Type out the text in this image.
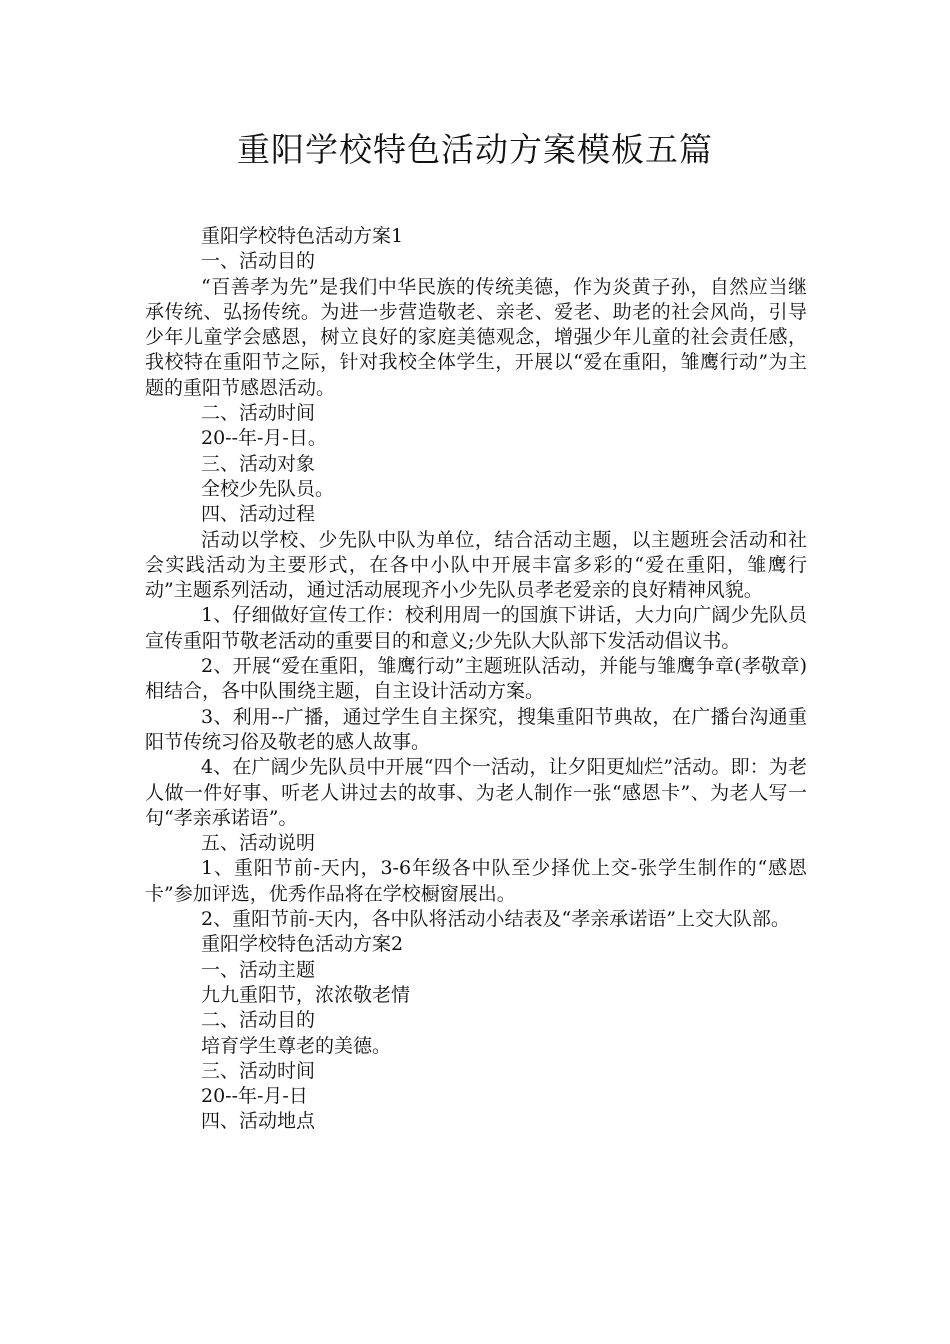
重阳学校特色活动方案模板五篇

重阳学校特色活动方案1

一、活动目的

“百善孝为先”是我们中华民族的传统美德，作为炎黄子孙，自然应当继承传统、弘扬传统。为进一步营造敬老、亲老、爱老、助老的社会风尚，引导少年儿童学会感恩，树立良好的家庭美德观念，增强少年儿童的社会责任感，我校特在重阳节之际，针对我校全体学生，开展以“爱在重阳，雏鹰行动”为主题的重阳节感恩活动。

二、活动时间

20--年-月-日。

三、活动对象

全校少先队员。

四、活动过程

活动以学校、少先队中队为单位，结合活动主题，以主题班会活动和社会实践活动为主要形式，在各中小队中开展丰富多彩的“爱在重阳，雏鹰行动”主题系列活动，通过活动展现齐小少先队员孝老爱亲的良好精神风貌。

1、仔细做好宣传工作：校利用周一的国旗下讲话，大力向广阔少先队员宣传重阳节敬老活动的重要目的和意义;少先队大队部下发活动倡议书。

2、开展“爱在重阳，雏鹰行动”主题班队活动，并能与雏鹰争章(孝敬章)相结合，各中队围绕主题，自主设计活动方案。

3、利用--广播，通过学生自主探究，搜集重阳节典故，在广播台沟通重阳节传统习俗及敬老的感人故事。

4、在广阔少先队员中开展“四个一活动，让夕阳更灿烂”活动。即：为老人做一件好事、听老人讲过去的故事、为老人制作一张“感恩卡”、为老人写一句“孝亲承诺语”。

五、活动说明

1、重阳节前-天内，3-6年级各中队至少择优上交-张学生制作的“感恩卡”参加评选，优秀作品将在学校橱窗展出。

2、重阳节前-天内，各中队将活动小结表及“孝亲承诺语”上交大队部。

重阳学校特色活动方案2

一、活动主题

九九重阳节，浓浓敬老情

二、活动目的

培育学生尊老的美德。

三、活动时间

20--年-月-日

四、活动地点
